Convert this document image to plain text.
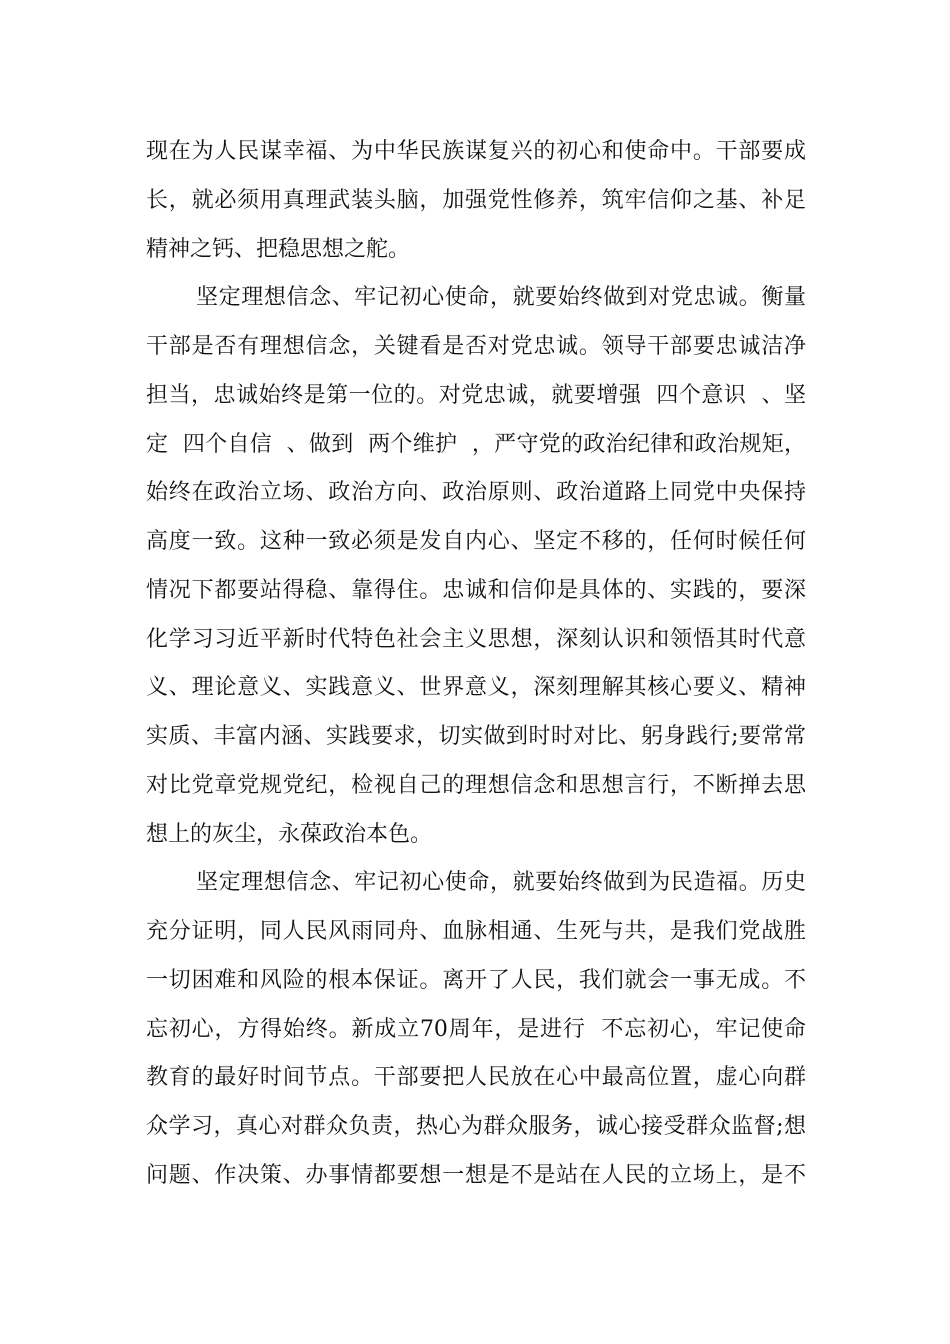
现在为人民谋幸福、为中华民族谋复兴的初心和使命中。干部要成
长，就必须用真理武装头脑，加强党性修养，筑牢信仰之基、补足
精神之钙、把稳思想之舵。
坚定理想信念、牢记初心使命，就要始终做到对党忠诚。衡量
干部是否有理想信念，关键看是否对党忠诚。领导干部要忠诚洁净
担当，忠诚始终是第一位的。对党忠诚，就要增强  四个意识  、坚
定  四个自信  、做到  两个维护  ，严守党的政治纪律和政治规矩，
始终在政治立场、政治方向、政治原则、政治道路上同党中央保持
高度一致。这种一致必须是发自内心、坚定不移的，任何时候任何
情况下都要站得稳、靠得住。忠诚和信仰是具体的、实践的，要深
化学习习近平新时代特色社会主义思想，深刻认识和领悟其时代意
义、理论意义、实践意义、世界意义，深刻理解其核心要义、精神
实质、丰富内涵、实践要求，切实做到时时对比、躬身践行;要常常
对比党章党规党纪，检视自己的理想信念和思想言行，不断掸去思
想上的灰尘，永葆政治本色。
坚定理想信念、牢记初心使命，就要始终做到为民造福。历史
充分证明，同人民风雨同舟、血脉相通、生死与共，是我们党战胜
一切困难和风险的根本保证。离开了人民，我们就会一事无成。不
忘初心，方得始终。新成立70周年，是进行  不忘初心，牢记使命
教育的最好时间节点。干部要把人民放在心中最高位置，虚心向群
众学习，真心对群众负责，热心为群众服务，诚心接受群众监督;想
问题、作决策、办事情都要想一想是不是站在人民的立场上，是不
